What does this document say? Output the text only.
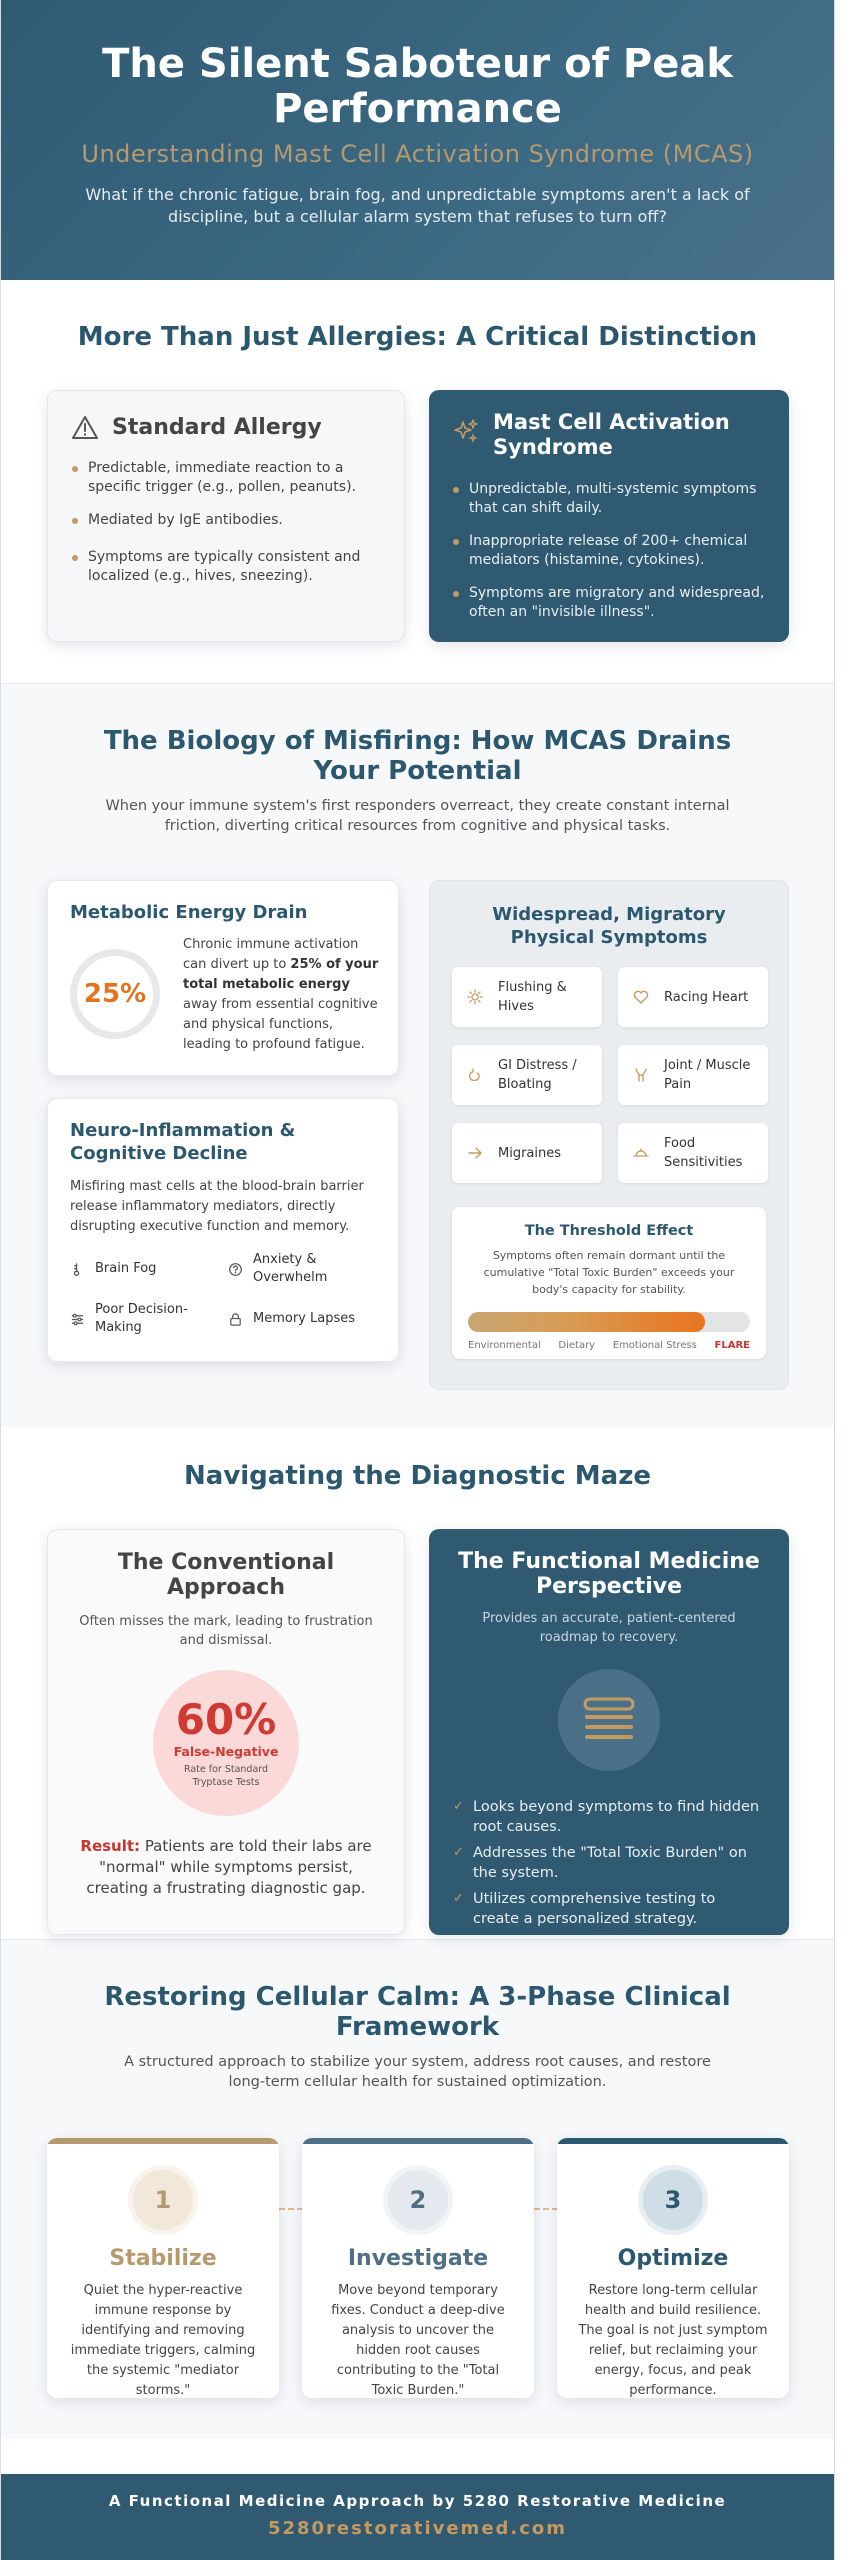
The Silent Saboteur of Peak Performance
Understanding Mast Cell Activation Syndrome (MCAS)

What if the chronic fatigue, brain fog, and unpredictable symptoms aren't a lack of discipline, but a cellular alarm system that refuses to turn off?

More Than Just Allergies: A Critical Distinction
Standard Allergy
Predictable, immediate reaction to a specific trigger (e.g., pollen, peanuts).
Mediated by IgE antibodies.
Symptoms are typically consistent and localized (e.g., hives, sneezing).
Mast Cell Activation Syndrome
Unpredictable, multi-systemic symptoms that can shift daily.
Inappropriate release of 200+ chemical mediators (histamine, cytokines).
Symptoms are migratory and widespread, often an "invisible illness".
The Biology of Misfiring: How MCAS Drains Your Potential

When your immune system's first responders overreact, they create constant internal friction, diverting critical resources from cognitive and physical tasks.

Metabolic Energy Drain
25%

Chronic immune activation can divert up to 25% of your total metabolic energy away from essential cognitive and physical functions, leading to profound fatigue.

Neuro-Inflammation & Cognitive Decline

Misfiring mast cells at the blood-brain barrier release inflammatory mediators, directly disrupting executive function and memory.

Brain Fog
Anxiety & Overwhelm
Poor Decision-Making
Memory Lapses
Widespread, Migratory Physical Symptoms
Flushing & Hives
Racing Heart
GI Distress / Bloating
Joint / Muscle Pain
Migraines
Food Sensitivities
The Threshold Effect

Symptoms often remain dormant until the cumulative "Total Toxic Burden" exceeds your body's capacity for stability.

Environmental Dietary Emotional Stress FLARE
Navigating the Diagnostic Maze
The Conventional Approach

Often misses the mark, leading to frustration and dismissal.

60%
False-Negative
Rate for Standard Tryptase Tests

Result: Patients are told their labs are "normal" while symptoms persist, creating a frustrating diagnostic gap.

The Functional Medicine Perspective

Provides an accurate, patient-centered roadmap to recovery.

✓ Looks beyond symptoms to find hidden root causes.
✓ Addresses the "Total Toxic Burden" on the system.
✓ Utilizes comprehensive testing to create a personalized strategy.
Restoring Cellular Calm: A 3-Phase Clinical Framework

A structured approach to stabilize your system, address root causes, and restore long-term cellular health for sustained optimization.

1
Stabilize

Quiet the hyper-reactive immune response by identifying and removing immediate triggers, calming the systemic "mediator storms."

2
Investigate

Move beyond temporary fixes. Conduct a deep-dive analysis to uncover the hidden root causes contributing to the "Total Toxic Burden."

3
Optimize

Restore long-term cellular health and build resilience. The goal is not just symptom relief, but reclaiming your energy, focus, and peak performance.

A Functional Medicine Approach by 5280 Restorative Medicine
5280restorativemed.com
